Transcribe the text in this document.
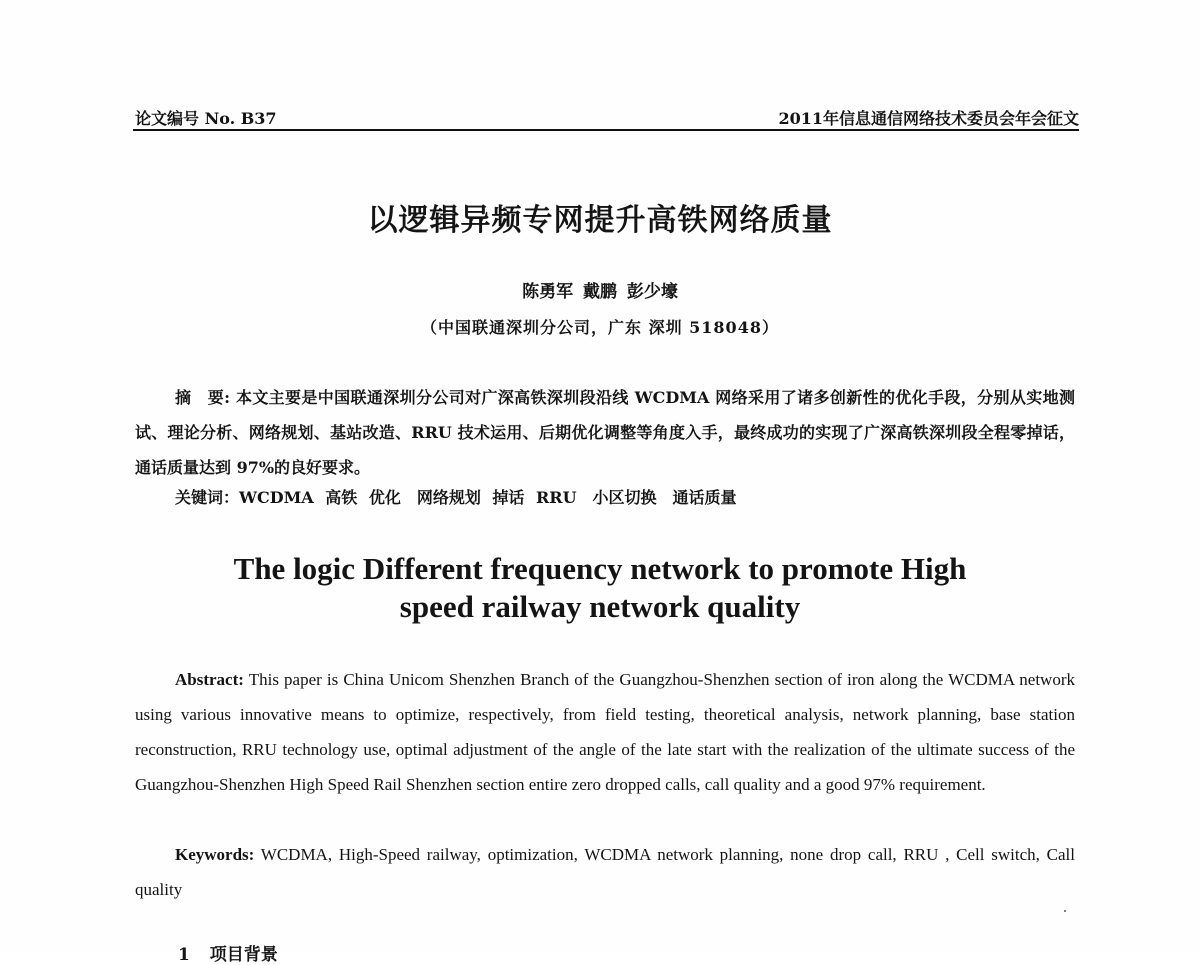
论文编号 No. B37	2011年信息通信网络技术委员会年会征文
以逻辑异频专网提升高铁网络质量
陈勇军 戴鹏 彭少壕
（中国联通深圳分公司，广东 深圳 518048）
摘　要: 本文主要是中国联通深圳分公司对广深高铁深圳段沿线 WCDMA 网络采用了诸多创新性的优化手段，分别从实地测试、理论分析、网络规划、基站改造、RRU 技术运用、后期优化调整等角度入手，最终成功的实现了广深高铁深圳段全程零掉话，通话质量达到 97%的良好要求。
关键词：WCDMA 高铁 优化　网络规划 掉话 RRU　小区切换　通话质量
The logic Different frequency network to promote High
speed railway network quality
Abstract: This paper is China Unicom Shenzhen Branch of the Guangzhou-Shenzhen section of iron along the WCDMA network using various innovative means to optimize, respectively, from field testing, theoretical analysis, network planning, base station reconstruction, RRU technology use, optimal adjustment of the angle of the late start with the realization of the ultimate success of the Guangzhou-Shenzhen High Speed Rail Shenzhen section entire zero dropped calls, call quality and a good 97% requirement.
Keywords: WCDMA, High-Speed railway, optimization, WCDMA network planning, none drop call, RRU , Cell switch, Call quality
1 项目背景
